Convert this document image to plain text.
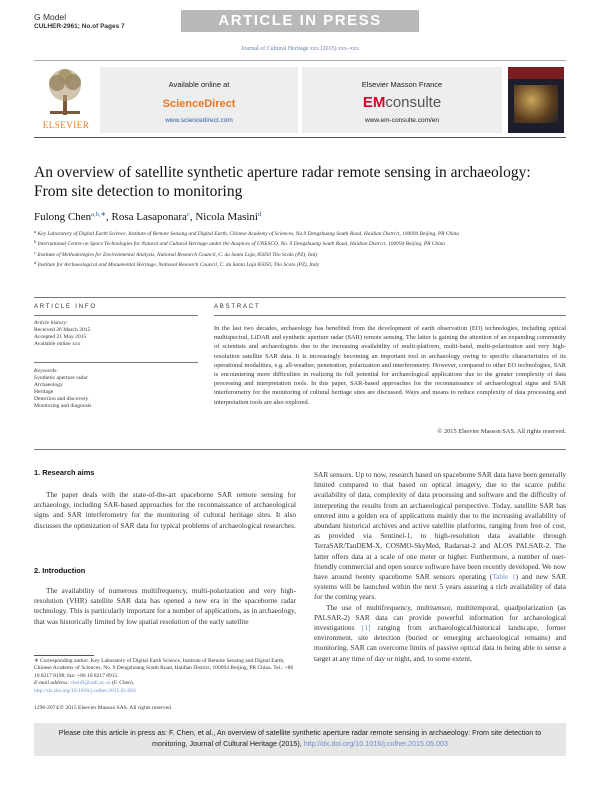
G Model
CULHER-2961; No.of Pages 7	ARTICLE IN PRESS
Journal of Cultural Heritage xxx (2015) xxx–xxx
ELSEVIER
Available online at
ScienceDirect
www.sciencedirect.com
Elsevier Masson France
EMconsulte
www.em-consulte.com/en
An overview of satellite synthetic aperture radar remote sensing in archaeology: From site detection to monitoring
Fulong Chen$^{a,b,∗}$, Rosa Lasaponara$^c$, Nicola Masini$^d$
$^a$ Key Laboratory of Digital Earth Science, Institute of Remote Sensing and Digital Earth, Chinese Academy of Sciences, No.9 Dengzhuang South Road, Haidian District, 100094 Beijing, PR China
$^b$ International Centre on Space Technologies for Natural and Cultural Heritage under the Auspices of UNESCO, No. 9 Dengzhuang South Road, Haidian District, 100094 Beijing, PR China
$^c$ Institute of Methodologies for Environmental Analysis, National Research Council, C. da Santa Loja, 85050 Tito Scalo (PZ), Italy
$^d$ Institute for Archaeological and Monumental Heritage, National Research Council, C. da Santa Loja 85050, Tito Scalo (PZ), Italy
ARTICLE INFO	ABSTRACT
Article history:
Received 26 March 2015
Accepted 21 May 2015
Available online xxx
Keywords:
Synthetic aperture radar
Archaeology
Heritage
Detection and discovery
Monitoring and diagnosis
In the last two decades, archaeology has benefited from the development of earth observation (EO) technologies, including optical multispectral, LiDAR and synthetic aperture radar (SAR) remote sensing. The latter is gaining the attention of an expanding community of scientists and archaeologists due to the increasing availability of multi-platform, multi-band, multi-polarization and very high-resolution satellite SAR data. It is increasingly becoming an important tool in archaeology owing to specific characteristics of its operational modalities, e.g. all-weather, penetration, polarization and interferometry. However, compared to other EO technologies, SAR is encountering more difficulties in realizing its full potential for archaeological applications due to the greater complexity of data processing and interpretation tools. In this paper, SAR-based approaches for the reconnaissance of archaeological signs and SAR interferometry for the monitoring of cultural heritage sites are discussed. Ways and means to reduce complexity of data processing and interpretation tools are also explored.
© 2015 Elsevier Masson SAS. All rights reserved.
1. Research aims
The paper deals with the state-of-the-art spaceborne SAR remote sensing for archaeology, including SAR-based approaches for the reconnaissance of archaeological signs and SAR interferometry for the monitoring of cultural heritage sites. It also discusses the optimization of SAR data for typical problems of archaeological researches.
2. Introduction
The availability of numerous multifrequency, multi-polarization and very high-resolution (VHR) satellite SAR data has opened a new era in the spaceborne radar technology. This is particularly important for a number of applications, as in archaeology, that was historically limited by low spatial resolution of the early satellite
SAR sensors. Up to now, research based on spaceborne SAR data have been generally limited compared to that based on optical imagery, due to the scarce public availability of data, complexity of data processing and software and the difficulty of interpreting the results from an archaeological perspective. Today, satellite SAR has entered into a golden era of applications mainly due to the increasing availability of abundant historical archives and active satellite platforms, ranging from free of cost, as provided via Sentinel-1, to high-resolution data available through TerraSAR/TanDEM-X, COSMO-SkyMed, Radarsat-2 and ALOS PALSAR-2. The latter offers data at a scale of one meter or higher. Furthermore, a number of user-friendly commercial and open source software have been recently developed. We now have around twenty spaceborne SAR sensors operating (Table 1) and new SAR systems will be launched within the next 5 years assuring a rich availability of data for the coming years.
The use of multifrequency, multisensor, multitemporal, quadpolarization (as PALSAR-2) SAR data can provide powerful information for archaeological investigations [1] ranging from archaeological/historical landscape, former environment, site detection (buried or emerging archaeological remains) and monitoring. SAR can overcome limits of passive optical data in being able to sense a target at any time of day or night, and, to some extent,
∗ Corresponding author. Key Laboratory of Digital Earth Science, Institute of Remote Sensing and Digital Earth, Chinese Academy of Sciences, No. 9 Dengzhuang South Road, Haidian District, 100094 Beijing, PR China. Tel.: +86 10 8217 8198; fax: +86 10 8217 8915.
E-mail address: chenfl@radi.ac.cn (F. Chen).
http://dx.doi.org/10.1016/j.culher.2015.05.003
1296-2074/© 2015 Elsevier Masson SAS. All rights reserved.
Please cite this article in press as: F. Chen, et al., An overview of satellite synthetic aperture radar remote sensing in archaeology: From site detection to monitoring, Journal of Cultural Heritage (2015), http://dx.doi.org/10.1016/j.culher.2015.05.003
